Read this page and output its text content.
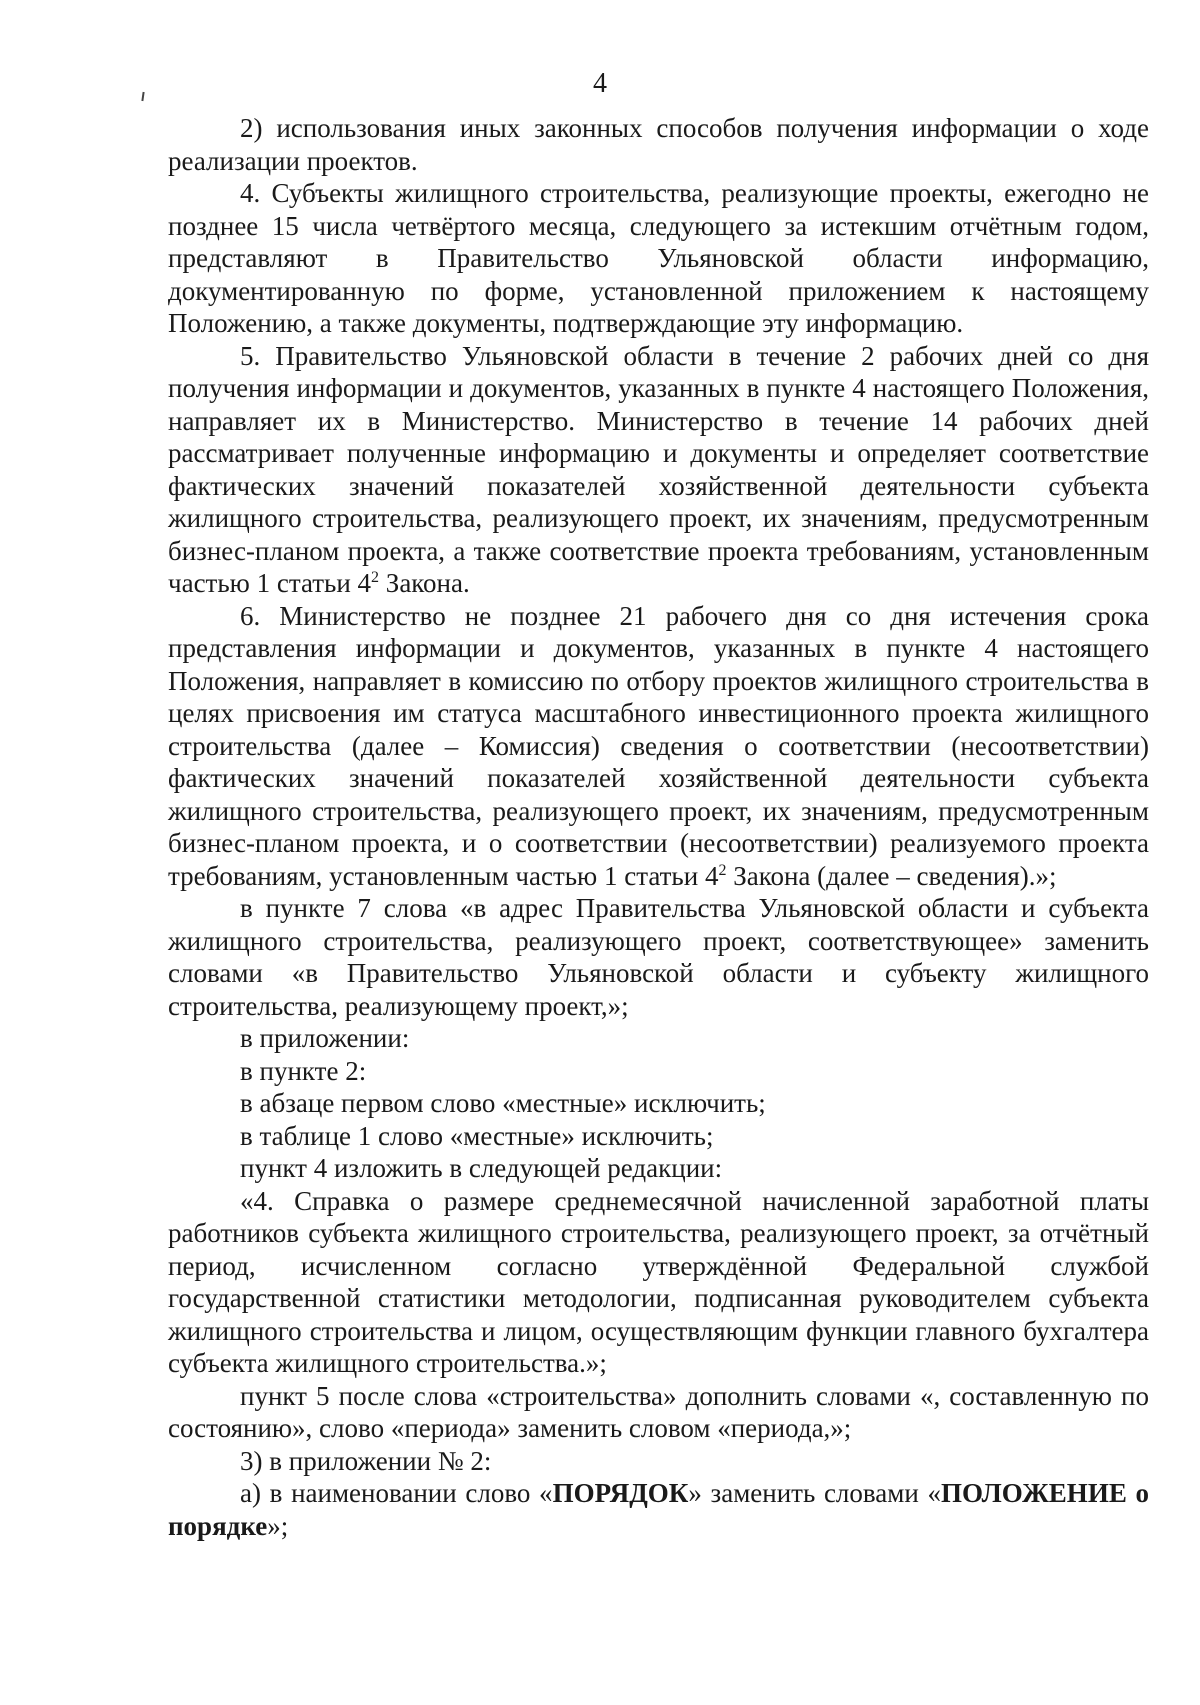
4

2) использования иных законных способов получения информации о ходе реализации проектов.

4. Субъекты жилищного строительства, реализующие проекты, ежегодно не позднее 15 числа четвёртого месяца, следующего за истекшим отчётным годом, представляют в Правительство Ульяновской области информацию, документированную по форме, установленной приложением к настоящему Положению, а также документы, подтверждающие эту информацию.

5. Правительство Ульяновской области в течение 2 рабочих дней со дня получения информации и документов, указанных в пункте 4 настоящего Положения, направляет их в Министерство. Министерство в течение 14 рабочих дней рассматривает полученные информацию и документы и определяет соответствие фактических значений показателей хозяйственной деятельности субъекта жилищного строительства, реализующего проект, их значениям, предусмотренным бизнес-планом проекта, а также соответствие проекта требованиям, установленным частью 1 статьи $4^2$ Закона.

6. Министерство не позднее 21 рабочего дня со дня истечения срока представления информации и документов, указанных в пункте 4 настоящего Положения, направляет в комиссию по отбору проектов жилищного строительства в целях присвоения им статуса масштабного инвестиционного проекта жилищного строительства (далее – Комиссия) сведения о соответствии (несоответствии) фактических значений показателей хозяйственной деятельности субъекта жилищного строительства, реализующего проект, их значениям, предусмотренным бизнес-планом проекта, и о соответствии (несоответствии) реализуемого проекта требованиям, установленным частью 1 статьи $4^2$ Закона (далее – сведения).»;

в пункте 7 слова «в адрес Правительства Ульяновской области и субъекта жилищного строительства, реализующего проект, соответствующее» заменить словами «в Правительство Ульяновской области и субъекту жилищного строительства, реализующему проект,»;

в приложении:

в пункте 2:

в абзаце первом слово «местные» исключить;

в таблице 1 слово «местные» исключить;

пункт 4 изложить в следующей редакции:

«4. Справка о размере среднемесячной начисленной заработной платы работников субъекта жилищного строительства, реализующего проект, за отчётный период, исчисленном согласно утверждённой Федеральной службой государственной статистики методологии, подписанная руководителем субъекта жилищного строительства и лицом, осуществляющим функции главного бухгалтера субъекта жилищного строительства.»;

пункт 5 после слова «строительства» дополнить словами «, составленную по состоянию», слово «периода» заменить словом «периода,»;

3) в приложении № 2:

а) в наименовании слово «ПОРЯДОК» заменить словами «ПОЛОЖЕНИЕ о порядке»;
